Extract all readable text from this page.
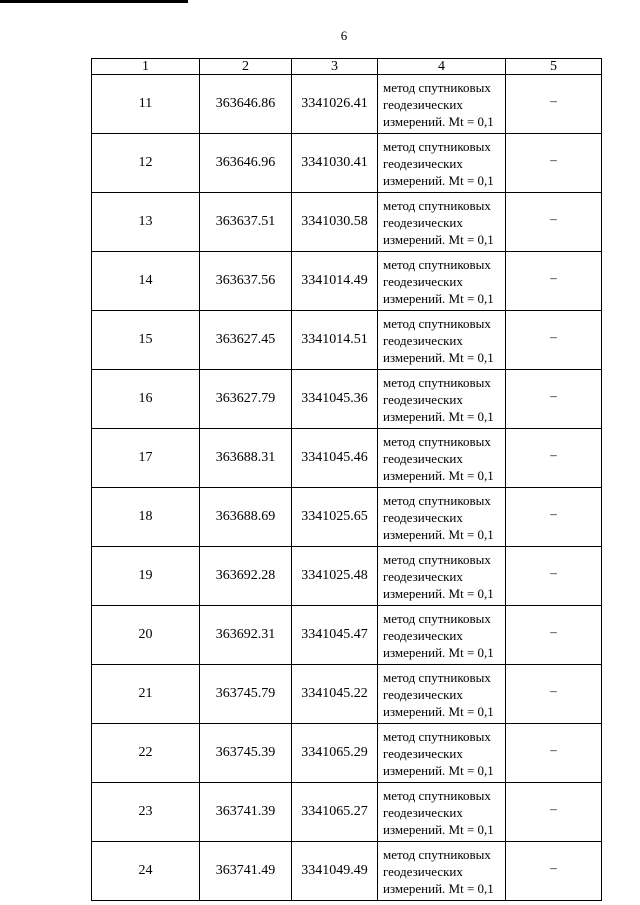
6
1	2	3	4	5
11	363646.86	3341026.41	метод спутниковых
геодезических
измерений. Mt = 0,1	–
12	363646.96	3341030.41	метод спутниковых
геодезических
измерений. Mt = 0,1	–
13	363637.51	3341030.58	метод спутниковых
геодезических
измерений. Mt = 0,1	–
14	363637.56	3341014.49	метод спутниковых
геодезических
измерений. Mt = 0,1	–
15	363627.45	3341014.51	метод спутниковых
геодезических
измерений. Mt = 0,1	–
16	363627.79	3341045.36	метод спутниковых
геодезических
измерений. Mt = 0,1	–
17	363688.31	3341045.46	метод спутниковых
геодезических
измерений. Mt = 0,1	–
18	363688.69	3341025.65	метод спутниковых
геодезических
измерений. Mt = 0,1	–
19	363692.28	3341025.48	метод спутниковых
геодезических
измерений. Mt = 0,1	–
20	363692.31	3341045.47	метод спутниковых
геодезических
измерений. Mt = 0,1	–
21	363745.79	3341045.22	метод спутниковых
геодезических
измерений. Mt = 0,1	–
22	363745.39	3341065.29	метод спутниковых
геодезических
измерений. Mt = 0,1	–
23	363741.39	3341065.27	метод спутниковых
геодезических
измерений. Mt = 0,1	–
24	363741.49	3341049.49	метод спутниковых
геодезических
измерений. Mt = 0,1	–
